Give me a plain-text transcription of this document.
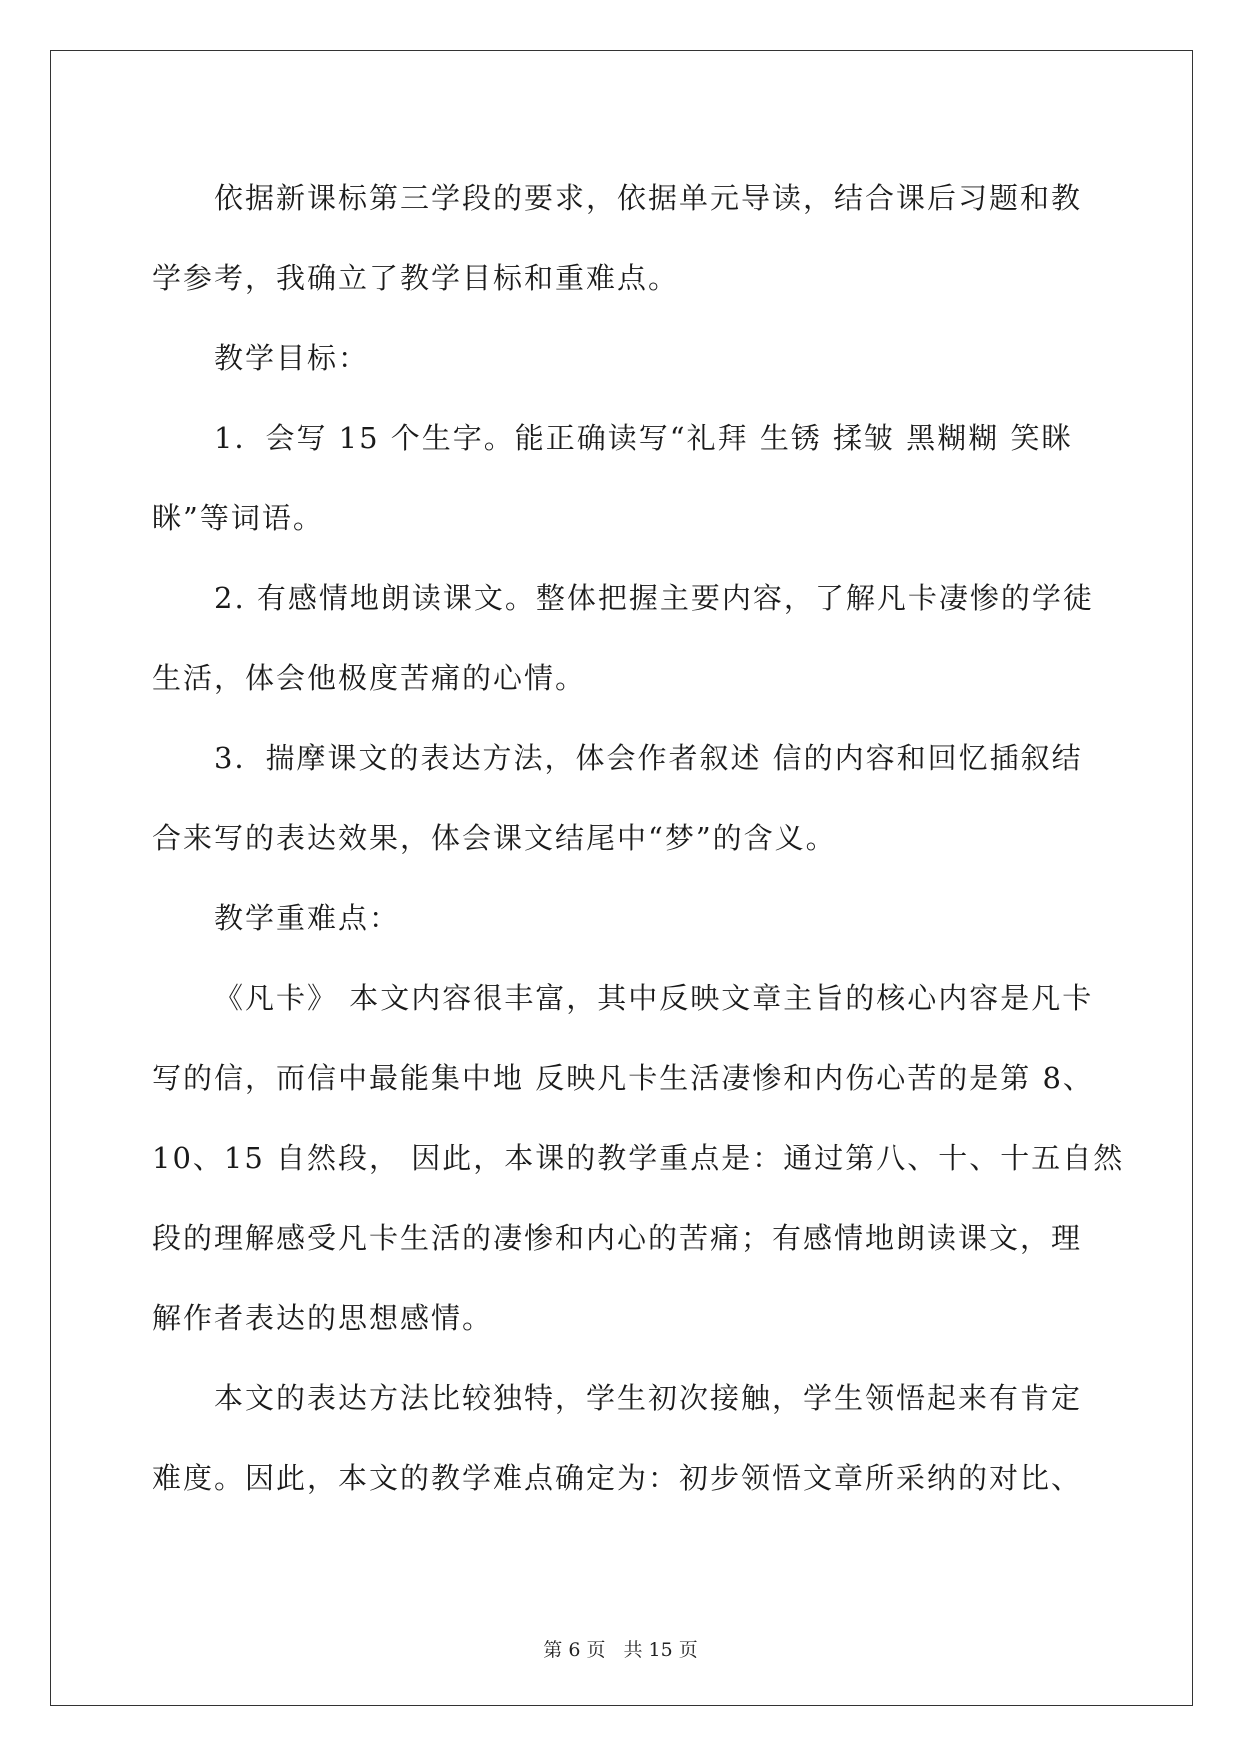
依据新课标第三学段的要求，依据单元导读，结合课后习题和教
学参考，我确立了教学目标和重难点。
教学目标：
1．会写 15 个生字。能正确读写“礼拜 生锈 揉皱 黑糊糊 笑眯
眯”等词语。
2. 有感情地朗读课文。整体把握主要内容，了解凡卡凄惨的学徒
生活，体会他极度苦痛的心情。
3．揣摩课文的表达方法，体会作者叙述 信的内容和回忆插叙结
合来写的表达效果，体会课文结尾中“梦”的含义。
教学重难点：
《凡卡》 本文内容很丰富，其中反映文章主旨的核心内容是凡卡
写的信，而信中最能集中地 反映凡卡生活凄惨和内伤心苦的是第 8、
10、15 自然段， 因此，本课的教学重点是：通过第八、十、十五自然
段的理解感受凡卡生活的凄惨和内心的苦痛；有感情地朗读课文，理
解作者表达的思想感情。
本文的表达方法比较独特，学生初次接触，学生领悟起来有肯定
难度。因此，本文的教学难点确定为：初步领悟文章所采纳的对比、
第 6 页 共 15 页
